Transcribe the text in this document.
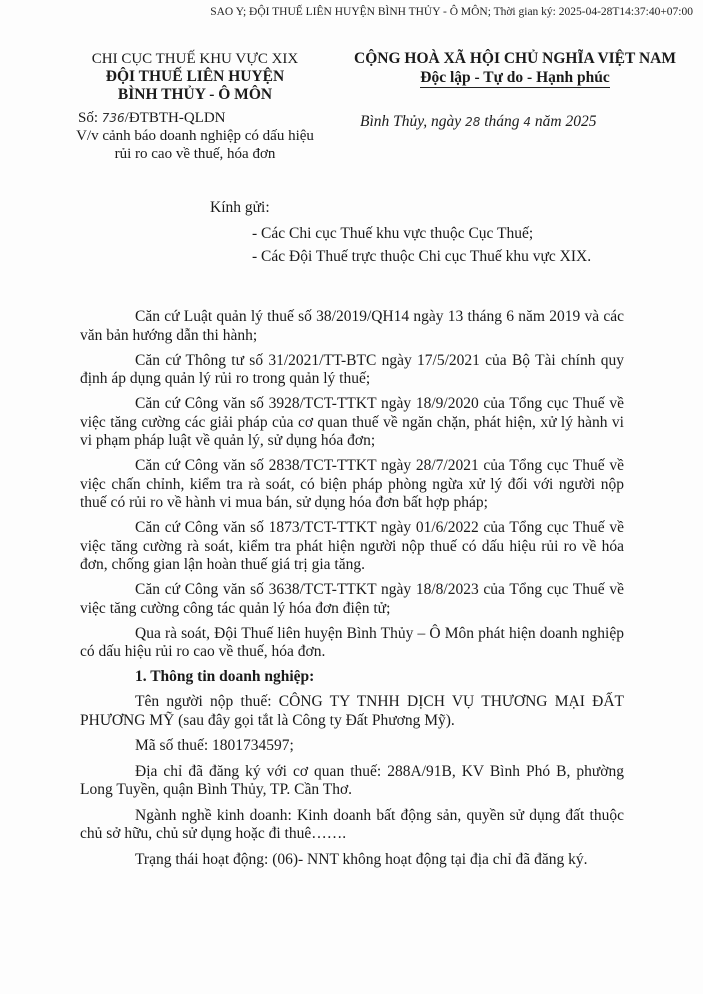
SAO Y; ĐỘI THUẾ LIÊN HUYỆN BÌNH THỦY - Ô MÔN; Thời gian ký: 2025-04-28T14:37:40+07:00
CHI CỤC THUẾ KHU VỰC XIX
ĐỘI THUẾ LIÊN HUYỆN
BÌNH THỦY - Ô MÔN
CỘNG HOÀ XÃ HỘI CHỦ NGHĨA VIỆT NAM
Độc lập - Tự do - Hạnh phúc
Số: 736/ĐTBTH-QLDN
V/v cảnh báo doanh nghiệp có dấu hiệu
rủi ro cao về thuế, hóa đơn
Bình Thủy, ngày 28 tháng 4 năm 2025
Kính gửi:
- Các Chi cục Thuế khu vực thuộc Cục Thuế;
- Các Đội Thuế trực thuộc Chi cục Thuế khu vực XIX.

Căn cứ Luật quản lý thuế số 38/2019/QH14 ngày 13 tháng 6 năm 2019 và các văn bản hướng dẫn thi hành;

Căn cứ Thông tư số 31/2021/TT-BTC ngày 17/5/2021 của Bộ Tài chính quy định áp dụng quản lý rủi ro trong quản lý thuế;

Căn cứ Công văn số 3928/TCT-TTKT ngày 18/9/2020 của Tổng cục Thuế về việc tăng cường các giải pháp của cơ quan thuế về ngăn chặn, phát hiện, xử lý hành vi vi phạm pháp luật về quản lý, sử dụng hóa đơn;

Căn cứ Công văn số 2838/TCT-TTKT ngày 28/7/2021 của Tổng cục Thuế về việc chấn chỉnh, kiểm tra rà soát, có biện pháp phòng ngừa xử lý đối với người nộp thuế có rủi ro về hành vi mua bán, sử dụng hóa đơn bất hợp pháp;

Căn cứ Công văn số 1873/TCT-TTKT ngày 01/6/2022 của Tổng cục Thuế về việc tăng cường rà soát, kiểm tra phát hiện người nộp thuế có dấu hiệu rủi ro về hóa đơn, chống gian lận hoàn thuế giá trị gia tăng.

Căn cứ Công văn số 3638/TCT-TTKT ngày 18/8/2023 của Tổng cục Thuế về việc tăng cường công tác quản lý hóa đơn điện tử;

Qua rà soát, Đội Thuế liên huyện Bình Thủy – Ô Môn phát hiện doanh nghiệp có dấu hiệu rủi ro cao về thuế, hóa đơn.

1. Thông tin doanh nghiệp:

Tên người nộp thuế: CÔNG TY TNHH DỊCH VỤ THƯƠNG MẠI ĐẤT PHƯƠNG MỸ (sau đây gọi tắt là Công ty Đất Phương Mỹ).

Mã số thuế: 1801734597;

Địa chỉ đã đăng ký với cơ quan thuế: 288A/91B, KV Bình Phó B, phường Long Tuyền, quận Bình Thủy, TP. Cần Thơ.

Ngành nghề kinh doanh: Kinh doanh bất động sản, quyền sử dụng đất thuộc chủ sở hữu, chủ sử dụng hoặc đi thuê…….

Trạng thái hoạt động: (06)- NNT không hoạt động tại địa chỉ đã đăng ký.
